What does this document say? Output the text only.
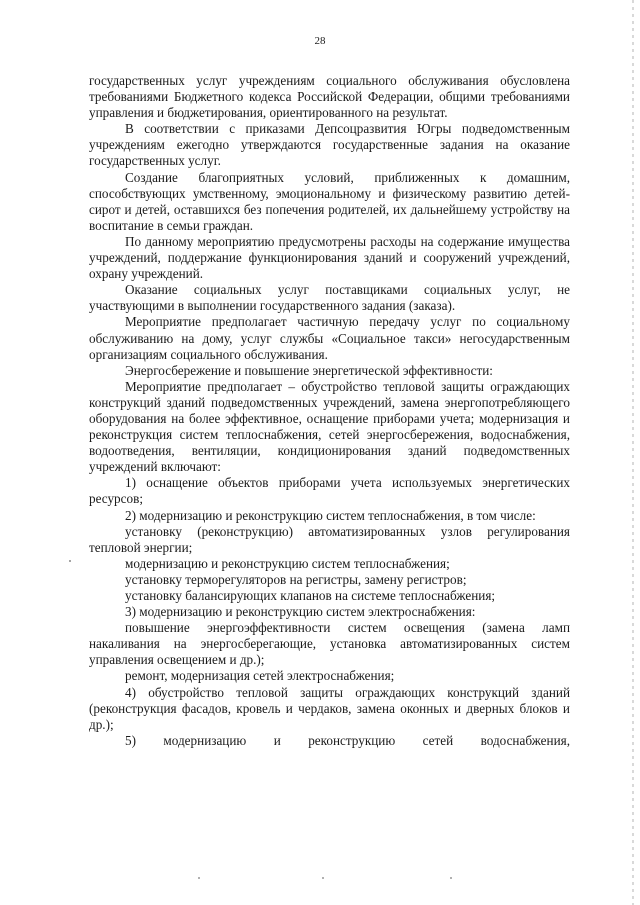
28

государственных услуг учреждениям социального обслуживания обусловлена требованиями Бюджетного кодекса Российской Федерации, общими требованиями управления и бюджетирования, ориентированного на результат.

В соответствии с приказами Депсоцразвития Югры подведомственным учреждениям ежегодно утверждаются государственные задания на оказание государственных услуг.

Создание благоприятных условий, приближенных к домашним, способствующих умственному, эмоциональному и физическому развитию детей-сирот и детей, оставшихся без попечения родителей, их дальнейшему устройству на воспитание в семьи граждан.

По данному мероприятию предусмотрены расходы на содержание имущества учреждений, поддержание функционирования зданий и сооружений учреждений, охрану учреждений.

Оказание социальных услуг поставщиками социальных услуг, не участвующими в выполнении государственного задания (заказа).

Мероприятие предполагает частичную передачу услуг по социальному обслуживанию на дому, услуг службы «Социальное такси» негосударственным организациям социального обслуживания.

Энергосбережение и повышение энергетической эффективности:

Мероприятие предполагает – обустройство тепловой защиты ограждающих конструкций зданий подведомственных учреждений, замена энергопотребляющего оборудования на более эффективное, оснащение приборами учета; модернизация и реконструкция систем теплоснабжения, сетей энергосбережения, водоснабжения, водоотведения, вентиляции, кондиционирования зданий подведомственных учреждений включают:

1) оснащение объектов приборами учета используемых энергетических ресурсов;

2) модернизацию и реконструкцию систем теплоснабжения, в том числе:

установку (реконструкцию) автоматизированных узлов регулирования тепловой энергии;

модернизацию и реконструкцию систем теплоснабжения;

установку терморегуляторов на регистры, замену регистров;

установку балансирующих клапанов на системе теплоснабжения;

3) модернизацию и реконструкцию систем электроснабжения:

повышение энергоэффективности систем освещения (замена ламп накаливания на энергосберегающие, установка автоматизированных систем управления освещением и др.);

ремонт, модернизация сетей электроснабжения;

4) обустройство тепловой защиты ограждающих конструкций зданий (реконструкция фасадов, кровель и чердаков, замена оконных и дверных блоков и др.);

5) модернизацию и реконструкцию сетей водоснабжения,
